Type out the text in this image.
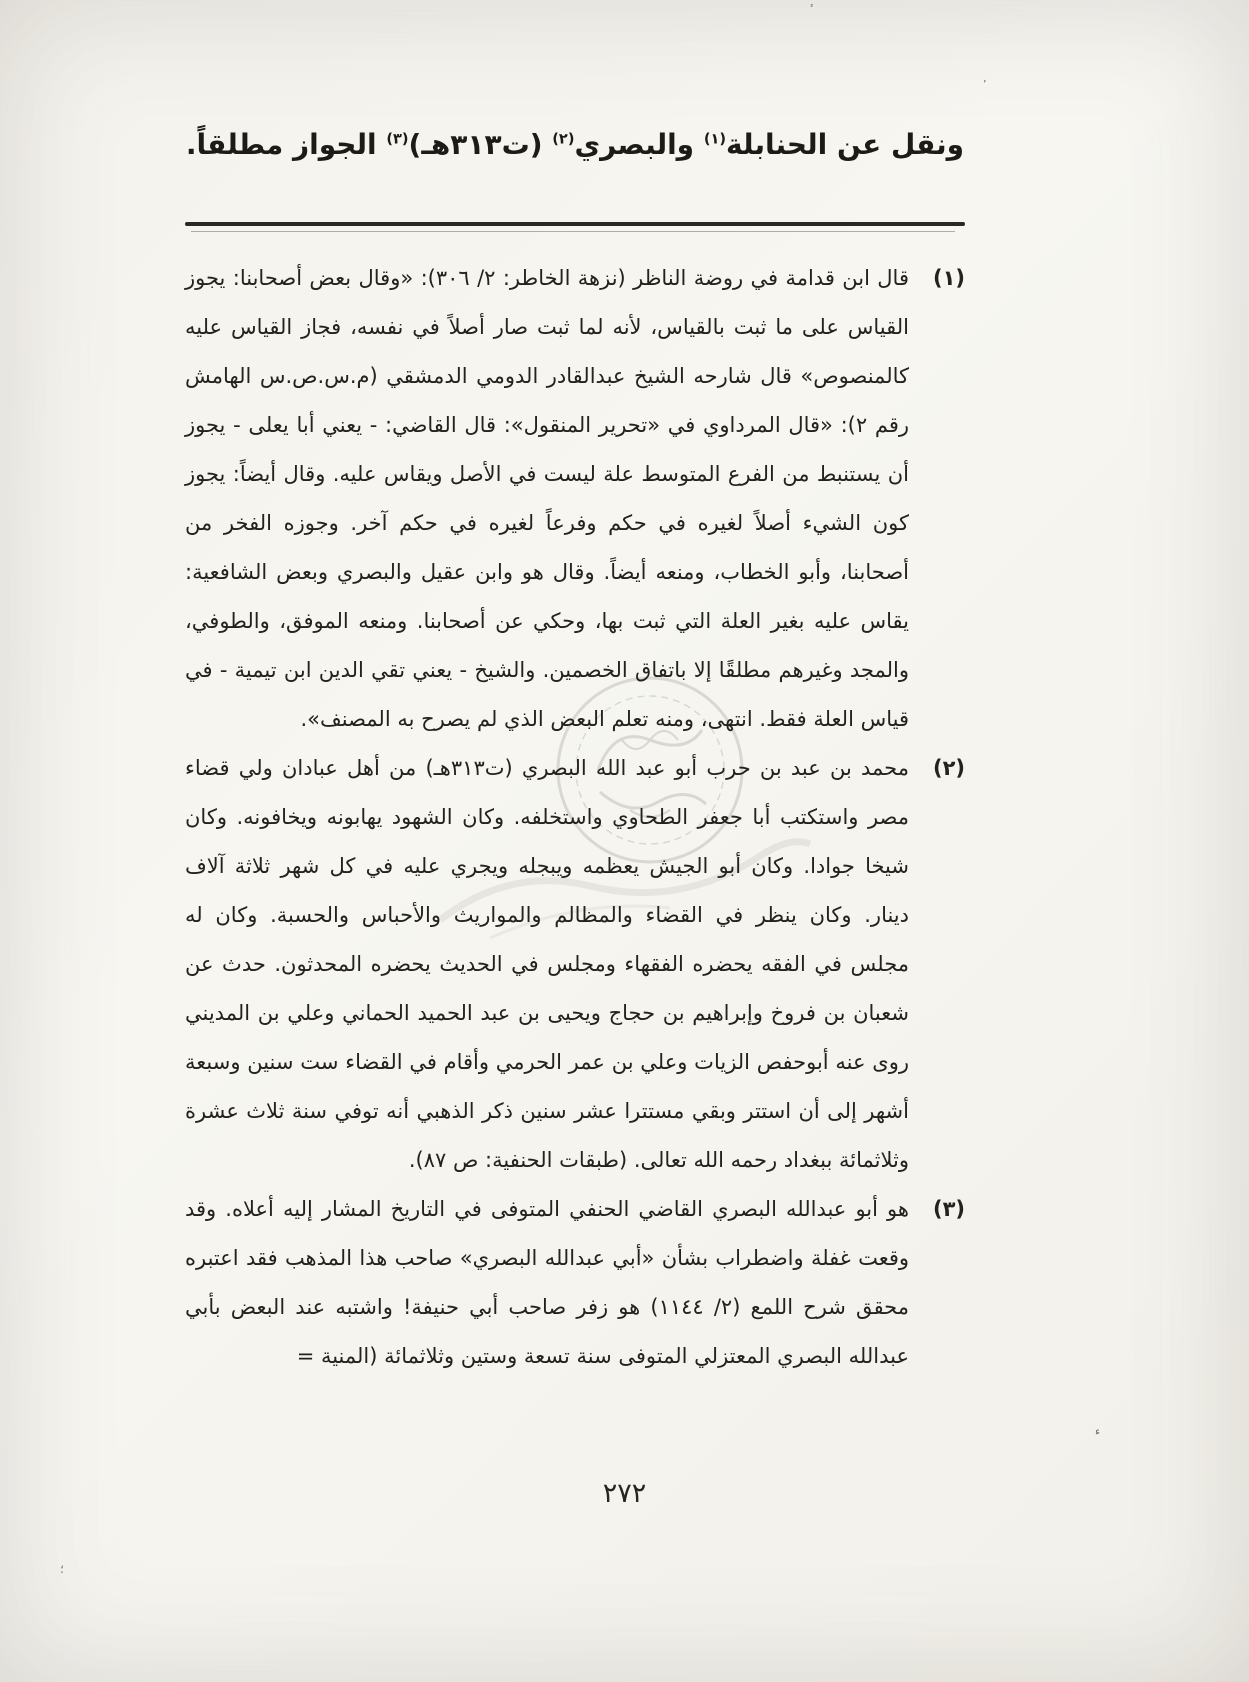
ٴ
٬
ء
؛
ونقل عن الحنابلة$^{(١)}$ والبصري$^{(٢)}$ (ت٣١٣هـ)$^{(٣)}$ الجواز مطلقاً.
(١)
قال ابن قدامة في روضة الناظر (نزهة الخاطر: ٢/ ٣٠٦): «وقال بعض أصحابنا: يجوز القياس على ما ثبت بالقياس، لأنه لما ثبت صار أصلاً في نفسه، فجاز القياس عليه كالمنصوص» قال شارحه الشيخ عبدالقادر الدومي الدمشقي (م.س.ص.س الهامش رقم ٢): «قال المرداوي في «تحرير المنقول»: قال القاضي: - يعني أبا يعلى - يجوز أن يستنبط من الفرع المتوسط علة ليست في الأصل ويقاس عليه. وقال أيضاً: يجوز كون الشيء أصلاً لغيره في حكم وفرعاً لغيره في حكم آخر. وجوزه الفخر من أصحابنا، وأبو الخطاب، ومنعه أيضاً. وقال هو وابن عقيل والبصري وبعض الشافعية: يقاس عليه بغير العلة التي ثبت بها، وحكي عن أصحابنا. ومنعه الموفق، والطوفي، والمجد وغيرهم مطلقًا إلا باتفاق الخصمين. والشيخ - يعني تقي الدين ابن تيمية - في قياس العلة فقط. انتهى، ومنه تعلم البعض الذي لم يصرح به المصنف».
(٢)
محمد بن عبد بن حرب أبو عبد الله البصري (ت٣١٣هـ) من أهل عبادان ولي قضاء مصر واستكتب أبا جعفر الطحاوي واستخلفه. وكان الشهود يهابونه ويخافونه. وكان شيخا جوادا. وكان أبو الجيش يعظمه ويبجله ويجري عليه في كل شهر ثلاثة آلاف دينار. وكان ينظر في القضاء والمظالم والمواريث والأحباس والحسبة. وكان له مجلس في الفقه يحضره الفقهاء ومجلس في الحديث يحضره المحدثون. حدث عن شعبان بن فروخ وإبراهيم بن حجاج ويحيى بن عبد الحميد الحماني وعلي بن المديني روى عنه أبوحفص الزيات وعلي بن عمر الحرمي وأقام في القضاء ست سنين وسبعة أشهر إلى أن استتر وبقي مستترا عشر سنين ذكر الذهبي أنه توفي سنة ثلاث عشرة وثلاثمائة ببغداد رحمه الله تعالى. (طبقات الحنفية: ص ٨٧).
(٣)
هو أبو عبدالله البصري القاضي الحنفي المتوفى في التاريخ المشار إليه أعلاه. وقد وقعت غفلة واضطراب بشأن «أبي عبدالله البصري» صاحب هذا المذهب فقد اعتبره محقق شرح اللمع (٢/ ١١٤٤) هو زفر صاحب أبي حنيفة! واشتبه عند البعض بأبي عبدالله البصري المعتزلي المتوفى سنة تسعة وستين وثلاثمائة (المنية =
٢٧٢
